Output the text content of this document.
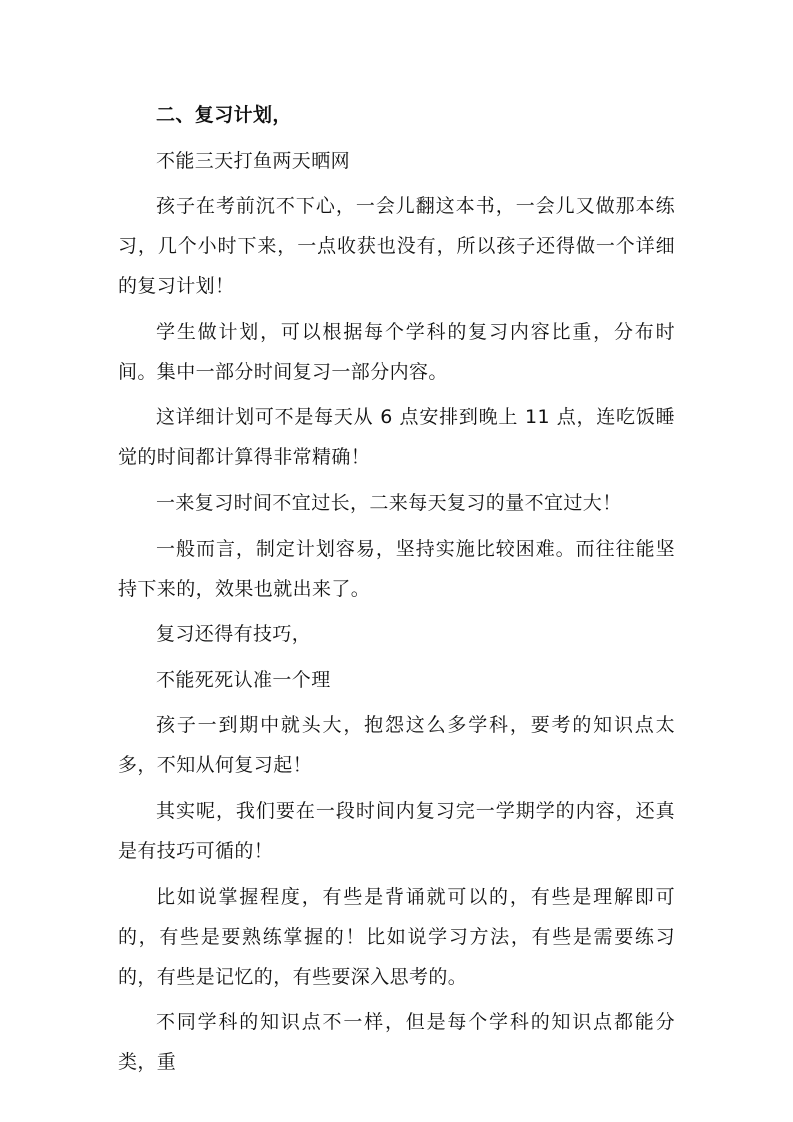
二、复习计划，

不能三天打鱼两天晒网

孩子在考前沉不下心，一会儿翻这本书，一会儿又做那本练习，几个小时下来，一点收获也没有，所以孩子还得做一个详细的复习计划！

学生做计划，可以根据每个学科的复习内容比重，分布时间。集中一部分时间复习一部分内容。

这详细计划可不是每天从 6 点安排到晚上 11 点，连吃饭睡觉的时间都计算得非常精确！

一来复习时间不宜过长，二来每天复习的量不宜过大！

一般而言，制定计划容易，坚持实施比较困难。而往往能坚持下来的，效果也就出来了。

复习还得有技巧，

不能死死认准一个理

孩子一到期中就头大，抱怨这么多学科，要考的知识点太多，不知从何复习起！

其实呢，我们要在一段时间内复习完一学期学的内容，还真是有技巧可循的！

比如说掌握程度，有些是背诵就可以的，有些是理解即可的，有些是要熟练掌握的！比如说学习方法，有些是需要练习的，有些是记忆的，有些要深入思考的。

不同学科的知识点不一样，但是每个学科的知识点都能分类，重
